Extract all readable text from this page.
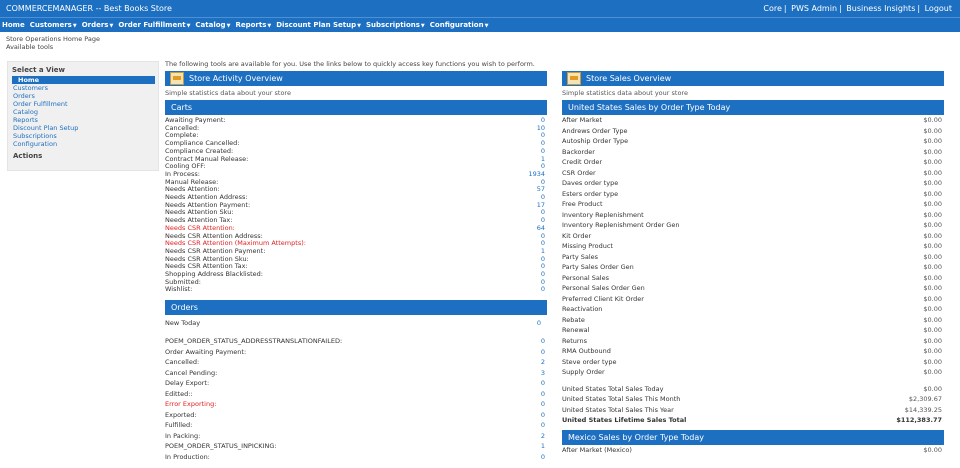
COMMERCEMANAGER -- Best Books Store	Core | PWS Admin | Business Insights | Logout
Home Customers▼ Orders▼ Order Fulfillment▼ Catalog▼ Reports▼ Discount Plan Setup▼ Subscriptions▼ Configuration▼
Store Operations Home Page
Available tools
Select a View
Home
Customers
Orders
Order Fulfillment
Catalog
Reports
Discount Plan Setup
Subscriptions
Configuration
Actions
The following tools are available for you. Use the links below to quickly access key functions you wish to perform.
Store Activity Overview
Simple statistics data about your store
Carts
Awaiting Payment:	0
Cancelled:	10
Complete:	0
Compliance Cancelled:	0
Compliance Created:	0
Contract Manual Release:	1
Cooling OFF:	0
In Process:	1934
Manual Release:	0
Needs Attention:	57
Needs Attention Address:	0
Needs Attention Payment:	17
Needs Attention Sku:	0
Needs Attention Tax:	0
Needs CSR Attention:	64
Needs CSR Attention Address:	0
Needs CSR Attention (Maximum Attempts):	0
Needs CSR Attention Payment:	1
Needs CSR Attention Sku:	0
Needs CSR Attention Tax:	0
Shopping Address Blacklisted:	0
Submitted:	0
Wishlist:	0
Orders
New Today	0
POEM_ORDER_STATUS_ADDRESSTRANSLATIONFAILED:	0
Order Awaiting Payment:	0
Cancelled:	2
Cancel Pending:	3
Delay Export:	0
Editted::	0
Error Exporting:	0
Exported:	0
Fulfilled:	0
In Packing:	2
POEM_ORDER_STATUS_INPICKING:	1
In Production:	0
Store Sales Overview
Simple statistics data about your store
United States Sales by Order Type Today
After Market	$0.00
Andrews Order Type	$0.00
Autoship Order Type	$0.00
Backorder	$0.00
Credit Order	$0.00
CSR Order	$0.00
Daves order type	$0.00
Esters order type	$0.00
Free Product	$0.00
Inventory Replenishment	$0.00
Inventory Replenishment Order Gen	$0.00
Kit Order	$0.00
Missing Product	$0.00
Party Sales	$0.00
Party Sales Order Gen	$0.00
Personal Sales	$0.00
Personal Sales Order Gen	$0.00
Preferred Client Kit Order	$0.00
Reactivation	$0.00
Rebate	$0.00
Renewal	$0.00
Returns	$0.00
RMA Outbound	$0.00
Steve order type	$0.00
Supply Order	$0.00
United States Total Sales Today	$0.00
United States Total Sales This Month	$2,309.67
United States Total Sales This Year	$14,339.25
United States Lifetime Sales Total	$112,383.77
Mexico Sales by Order Type Today
After Market (Mexico)	$0.00
